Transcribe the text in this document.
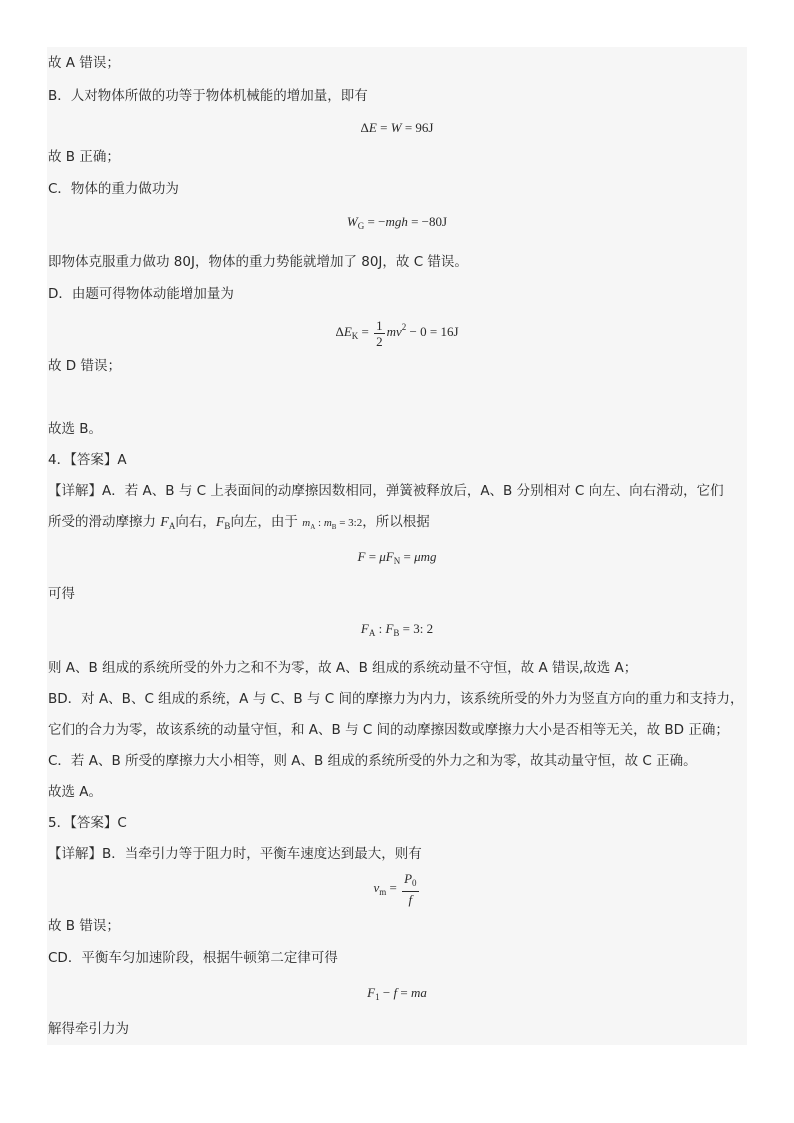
故 A 错误；
B．人对物体所做的功等于物体机械能的增加量，即有
ΔE = W = 96J
故 B 正确；
C．物体的重力做功为
$W_G = -mgh = -80J$
即物体克服重力做功 80J，物体的重力势能就增加了 80J，故 C 错误。
D．由题可得物体动能增加量为
$\Delta E_K = \frac{1}{2} mv^2 - 0 = 16J$
故 D 错误；
故选 B。
4．【答案】A
【详解】A．若 A、B 与 C 上表面间的动摩擦因数相同，弹簧被释放后，A、B 分别相对 C 向左、向右滑动，它们
所受的滑动摩擦力 $F_A$向右，$F_B$向左，由于 $m_A$ : $m_B$ = 3:2，所以根据
$F = \mu F_N = \mu mg$
可得
$F_A$ : $F_B = 3$: 2
则 A、B 组成的系统所受的外力之和不为零，故 A、B 组成的系统动量不守恒，故 A 错误,故选 A；
BD．对 A、B、C 组成的系统，A 与 C、B 与 C 间的摩擦力为内力，该系统所受的外力为竖直方向的重力和支持力，
它们的合力为零，故该系统的动量守恒，和 A、B 与 C 间的动摩擦因数或摩擦力大小是否相等无关，故 BD 正确；
C．若 A、B 所受的摩擦力大小相等，则 A、B 组成的系统所受的外力之和为零，故其动量守恒，故 C 正确。
故选 A。
5．【答案】C
【详解】B．当牵引力等于阻力时，平衡车速度达到最大，则有
$v_m = \frac{P_0}{f}$
故 B 错误；
CD．平衡车匀加速阶段，根据牛顿第二定律可得
$F_1 - f$ = ma
解得牵引力为
